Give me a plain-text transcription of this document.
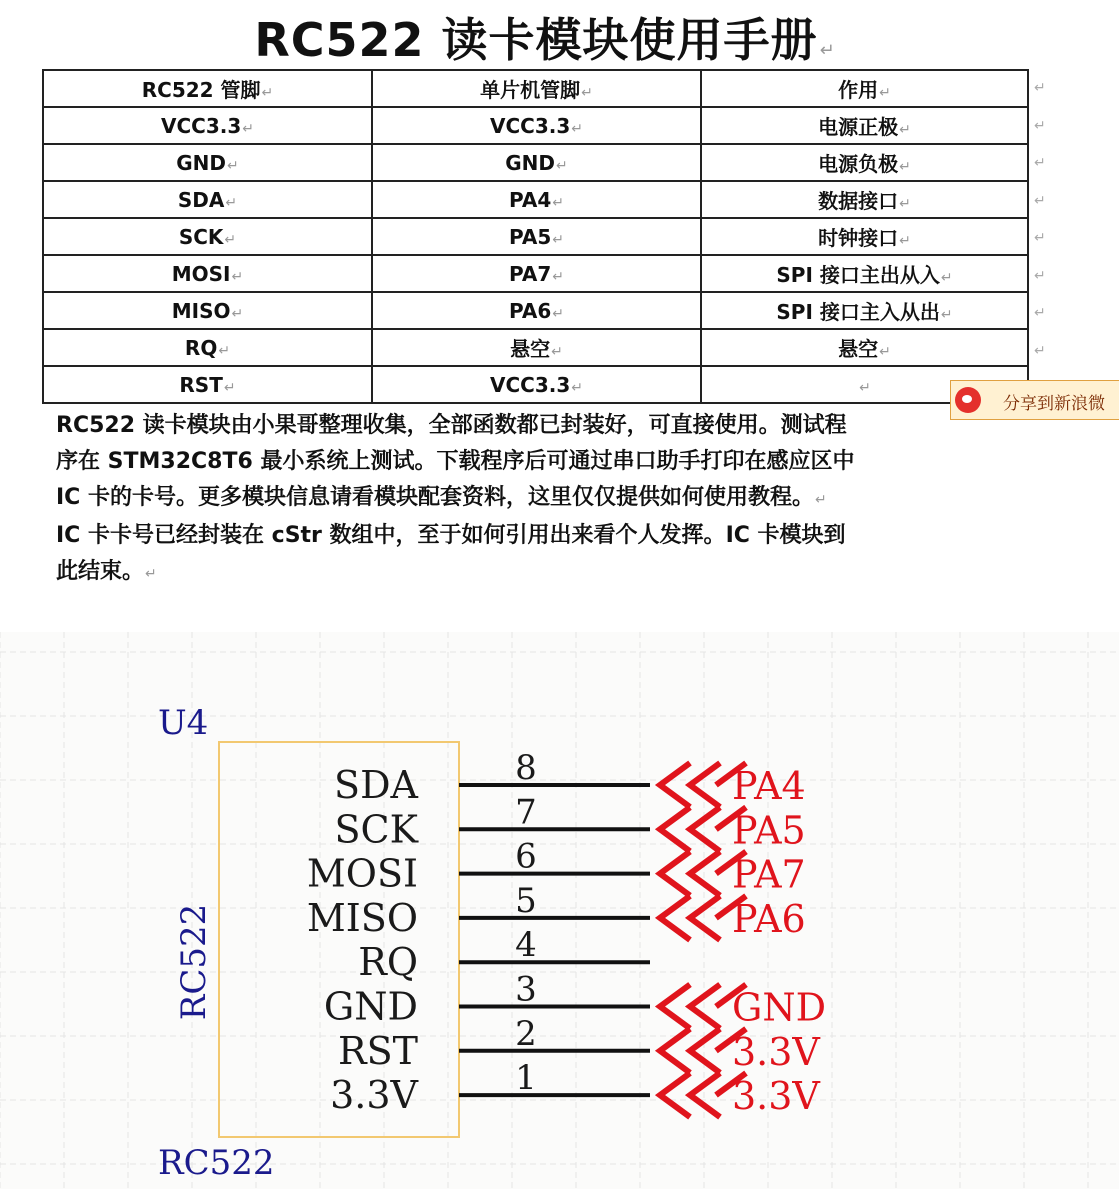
RC522 读卡模块使用手册 ↵
RC522 管脚↵	单片机管脚↵	作用↵
VCC3.3↵	VCC3.3↵	电源正极↵
GND↵	GND↵	电源负极↵
SDA↵	PA4↵	数据接口↵
SCK↵	PA5↵	时钟接口↵
MOSI↵	PA7↵	SPI 接口主出从入↵
MISO↵	PA6↵	SPI 接口主入从出↵
RQ↵	悬空↵	悬空↵
RST↵	VCC3.3↵	↵
↵
↵
↵
↵
↵
↵
↵
↵
RC522 读卡模块由小果哥整理收集，全部函数都已封装好，可直接使用。测试程
序在 STM32C8T6 最小系统上测试。下载程序后可通过串口助手打印在感应区中
IC 卡的卡号。更多模块信息请看模块配套资料，这里仅仅提供如何使用教程。↵
IC 卡卡号已经封装在 cStr 数组中，至于如何引用出来看个人发挥。IC 卡模块到
此结束。↵
分享到新浪微
U4
RC522
RC522
SDA	8	PA4
SCK	7	PA5
MOSI	6	PA7
MISO	5	PA6
RQ	4
GND	3	GND
RST	2	3.3V
3.3V	1	3.3V
